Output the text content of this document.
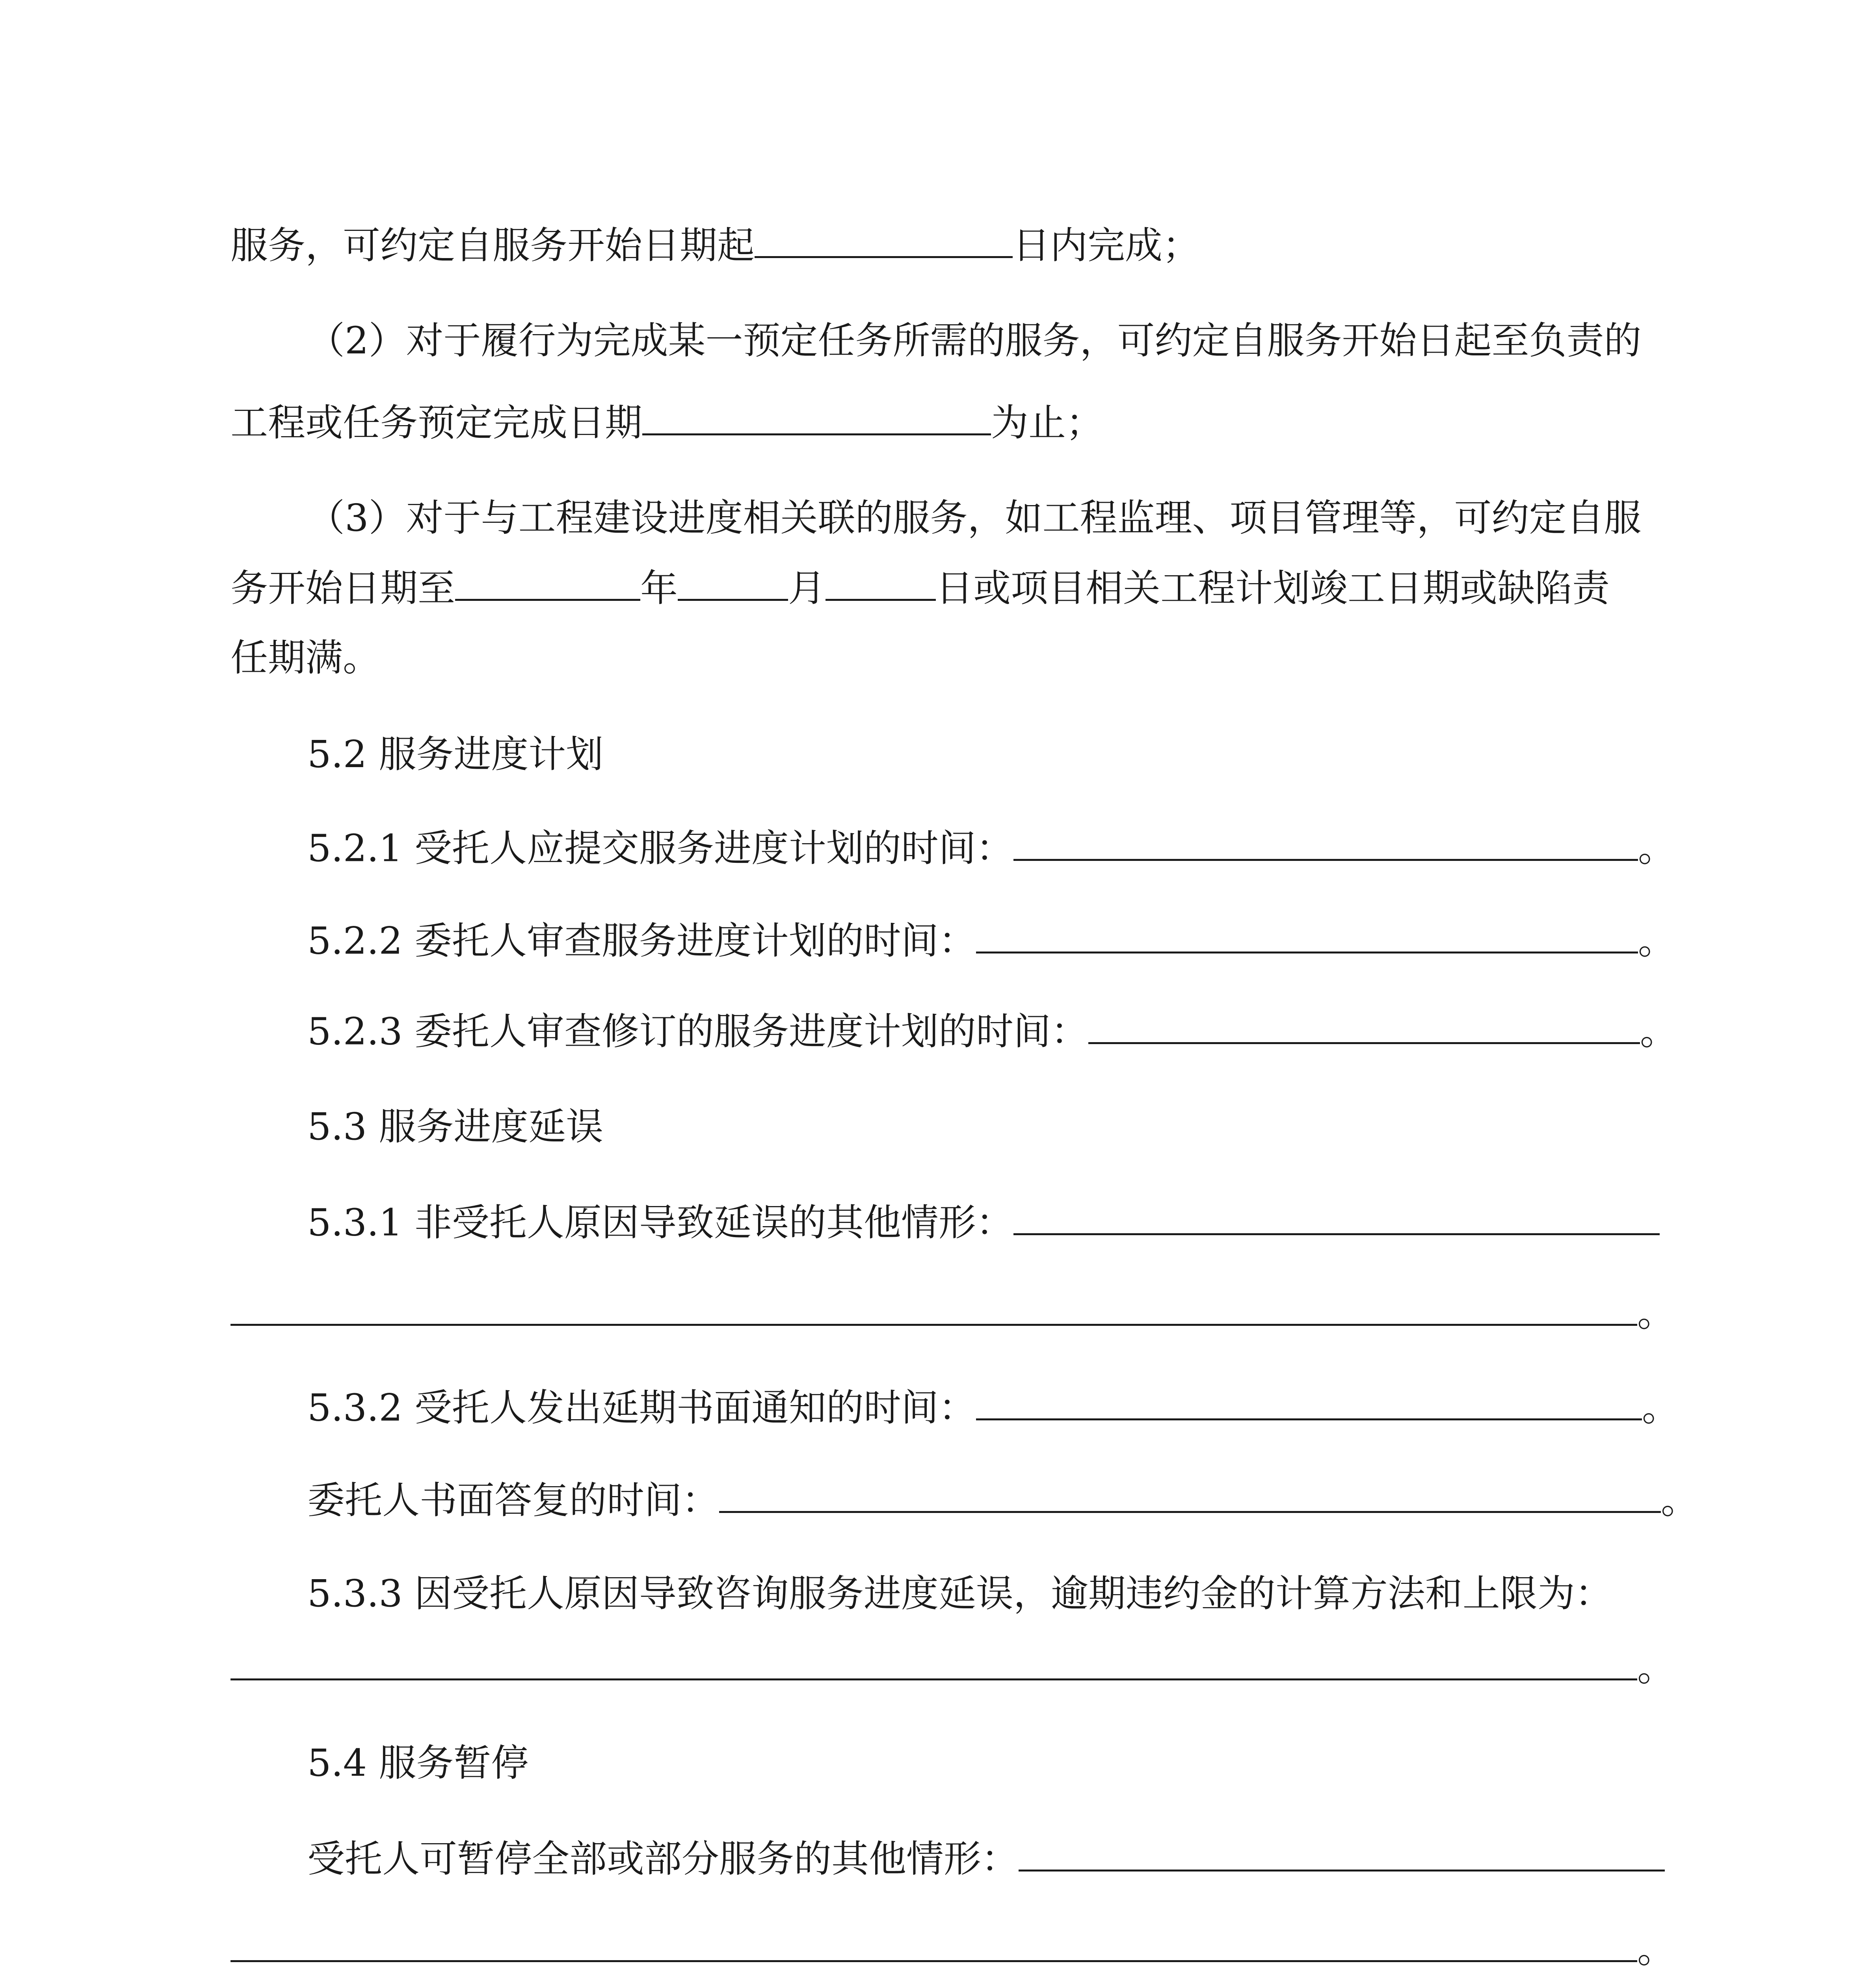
服务，可约定自服务开始日期起	日内完成；
（2）对于履行为完成某一预定任务所需的服务，可约定自服务开始日起至负责的
工程或任务预定完成日期	为止；
（3）对于与工程建设进度相关联的服务，如工程监理、项目管理等，可约定自服
务开始日期至	年	月	日或项目相关工程计划竣工日期或缺陷责
任期满。
5.2 服务进度计划
5.2.1 受托人应提交服务进度计划的时间：	。
5.2.2 委托人审查服务进度计划的时间：	。
5.2.3 委托人审查修订的服务进度计划的时间：	。
5.3 服务进度延误
5.3.1 非受托人原因导致延误的其他情形：
。
5.3.2 受托人发出延期书面通知的时间：	。
委托人书面答复的时间：	。
5.3.3 因受托人原因导致咨询服务进度延误，逾期违约金的计算方法和上限为：
。
5.4 服务暂停
受托人可暂停全部或部分服务的其他情形：
。
